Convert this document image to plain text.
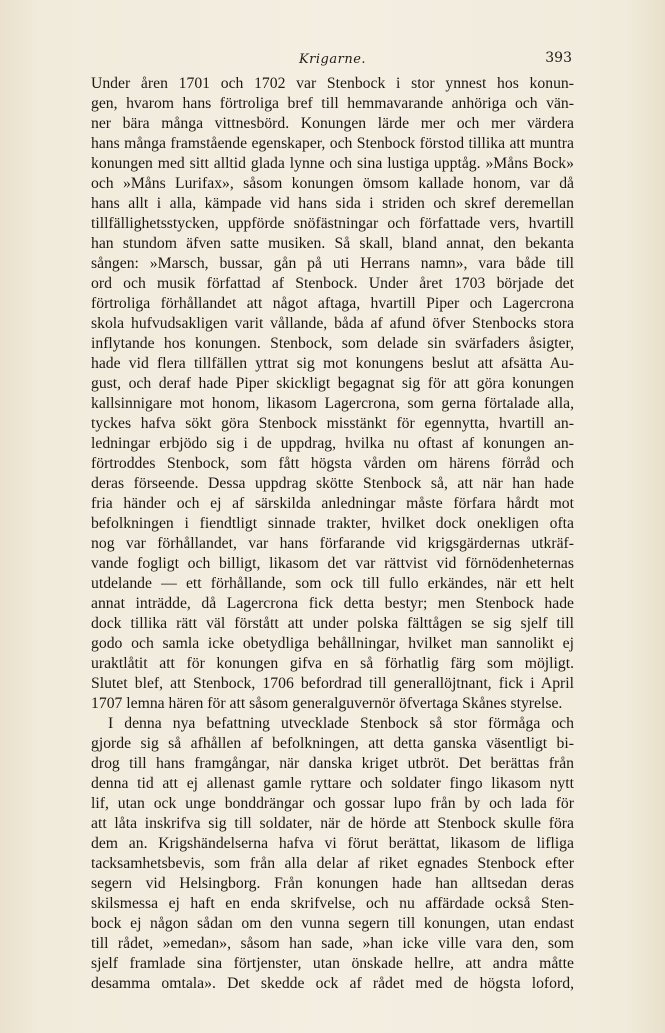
Krigarne.	393
Under åren 1701 och 1702 var Stenbock i stor ynnest hos konun-
gen, hvarom hans förtroliga bref till hemmavarande anhöriga och vän-
ner bära många vittnesbörd. Konungen lärde mer och mer värdera
hans många framstående egenskaper, och Stenbock förstod tillika att muntra
konungen med sitt alltid glada lynne och sina lustiga upptåg. »Måns Bock»
och »Måns Lurifax», såsom konungen ömsom kallade honom, var då
hans allt i alla, kämpade vid hans sida i striden och skref deremellan
tillfällighetsstycken, uppförde snöfästningar och författade vers, hvartill
han stundom äfven satte musiken. Så skall, bland annat, den bekanta
sången: »Marsch, bussar, gån på uti Herrans namn», vara både till
ord och musik författad af Stenbock. Under året 1703 började det
förtroliga förhållandet att något aftaga, hvartill Piper och Lagercrona
skola hufvudsakligen varit vållande, båda af afund öfver Stenbocks stora
inflytande hos konungen. Stenbock, som delade sin svärfaders åsigter,
hade vid flera tillfällen yttrat sig mot konungens beslut att afsätta Au-
gust, och deraf hade Piper skickligt begagnat sig för att göra konungen
kallsinnigare mot honom, likasom Lagercrona, som gerna förtalade alla,
tyckes hafva sökt göra Stenbock misstänkt för egennytta, hvartill an-
ledningar erbjödo sig i de uppdrag, hvilka nu oftast af konungen an-
förtroddes Stenbock, som fått högsta vården om härens förråd och
deras förseende. Dessa uppdrag skötte Stenbock så, att när han hade
fria händer och ej af särskilda anledningar måste förfara hårdt mot
befolkningen i fiendtligt sinnade trakter, hvilket dock onekligen ofta
nog var förhållandet, var hans förfarande vid krigsgärdernas utkräf-
vande fogligt och billigt, likasom det var rättvist vid förnödenheternas
utdelande — ett förhållande, som ock till fullo erkändes, när ett helt
annat inträdde, då Lagercrona fick detta bestyr; men Stenbock hade
dock tillika rätt väl förstått att under polska fälttågen se sig sjelf till
godo och samla icke obetydliga behållningar, hvilket man sannolikt ej
uraktlåtit att för konungen gifva en så förhatlig färg som möjligt.
Slutet blef, att Stenbock, 1706 befordrad till generallöjtnant, fick i April
1707 lemna hären för att såsom generalguvernör öfvertaga Skånes styrelse.
I denna nya befattning utvecklade Stenbock så stor förmåga och
gjorde sig så afhållen af befolkningen, att detta ganska väsentligt bi-
drog till hans framgångar, när danska kriget utbröt. Det berättas från
denna tid att ej allenast gamle ryttare och soldater fingo likasom nytt
lif, utan ock unge bonddrängar och gossar lupo från by och lada för
att låta inskrifva sig till soldater, när de hörde att Stenbock skulle föra
dem an. Krigshändelserna hafva vi förut berättat, likasom de lifliga
tacksamhetsbevis, som från alla delar af riket egnades Stenbock efter
segern vid Helsingborg. Från konungen hade han alltsedan deras
skilsmessa ej haft en enda skrifvelse, och nu affärdade också Sten-
bock ej någon sådan om den vunna segern till konungen, utan endast
till rådet, »emedan», såsom han sade, »han icke ville vara den, som
sjelf framlade sina förtjenster, utan önskade hellre, att andra måtte
desamma omtala». Det skedde ock af rådet med de högsta loford,
